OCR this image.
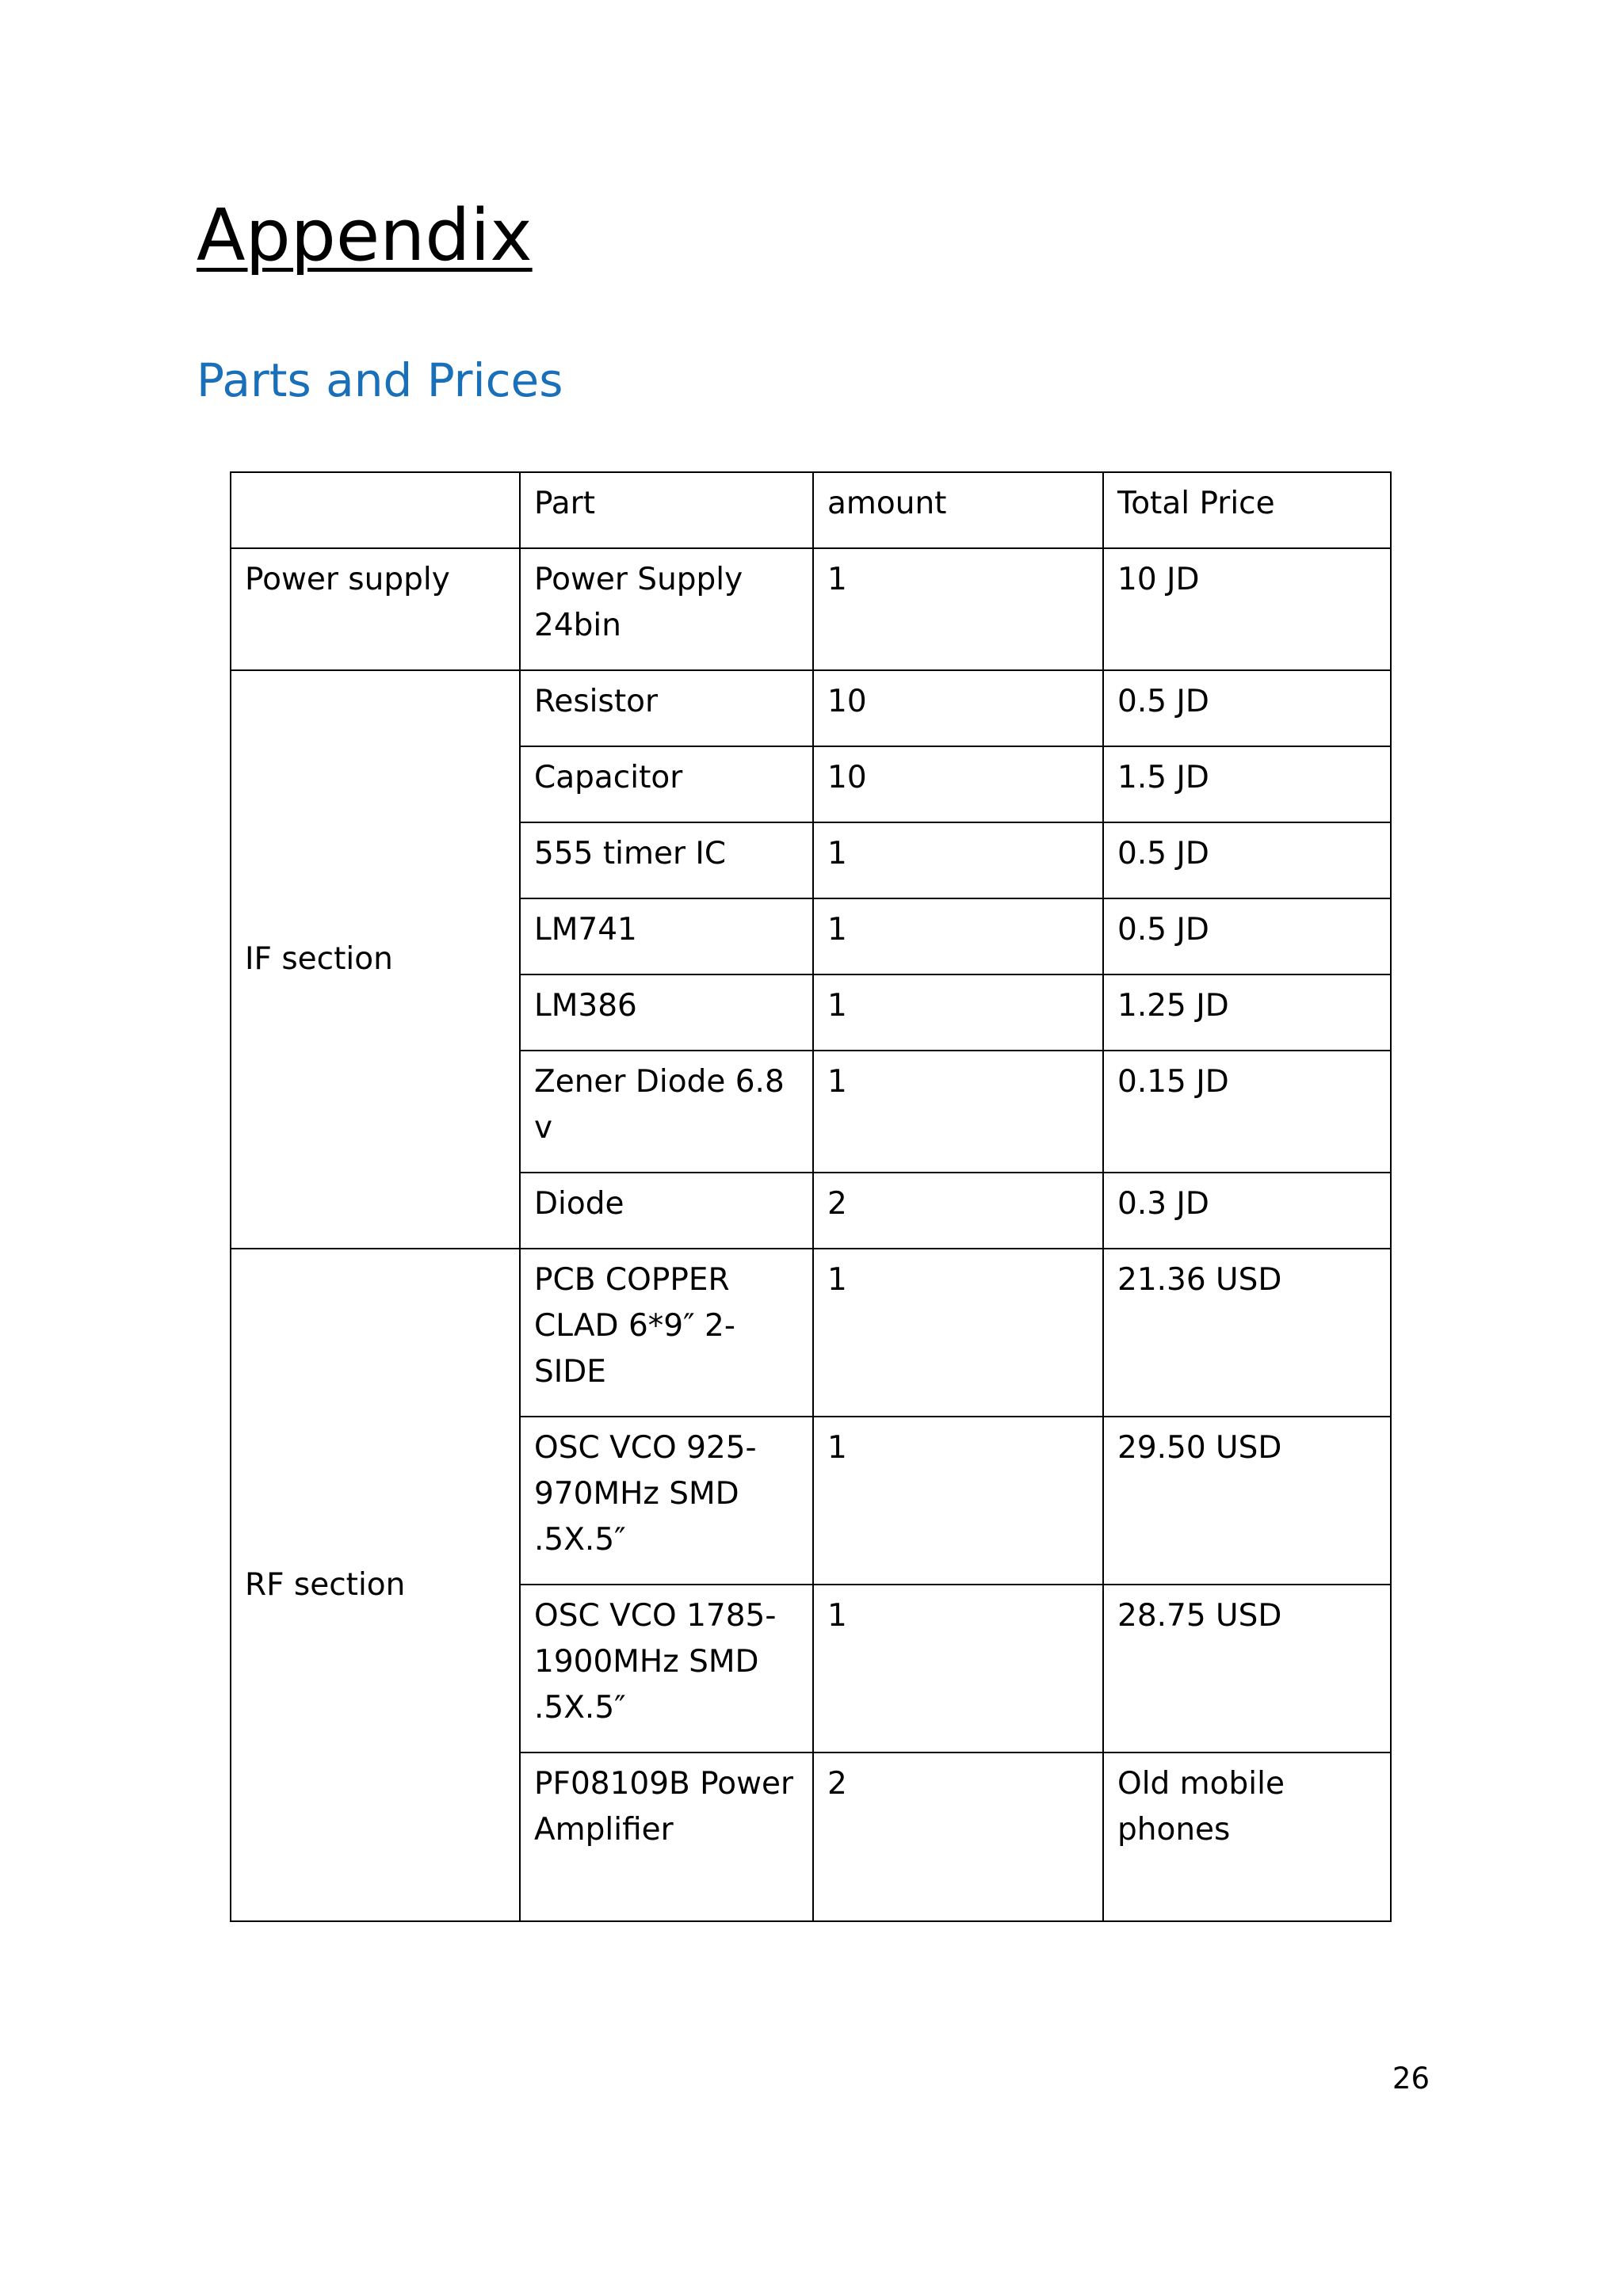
Appendix
Parts and Prices
	Part	amount	Total Price
Power supply	Power Supply 24bin	1	10 JD
IF section	Resistor	10	0.5 JD
	Capacitor	10	1.5 JD
	555 timer IC	1	0.5 JD
	LM741	1	0.5 JD
	LM386	1	1.25 JD
	Zener Diode 6.8 v	1	0.15 JD
	Diode	2	0.3 JD
RF section	PCB COPPER CLAD 6*9″ 2-SIDE	1	21.36 USD
	OSC VCO 925-970MHz SMD .5X.5″	1	29.50 USD
	OSC VCO 1785-1900MHz SMD .5X.5″	1	28.75 USD
	PF08109B Power Amplifier	2	Old mobile phones
26
